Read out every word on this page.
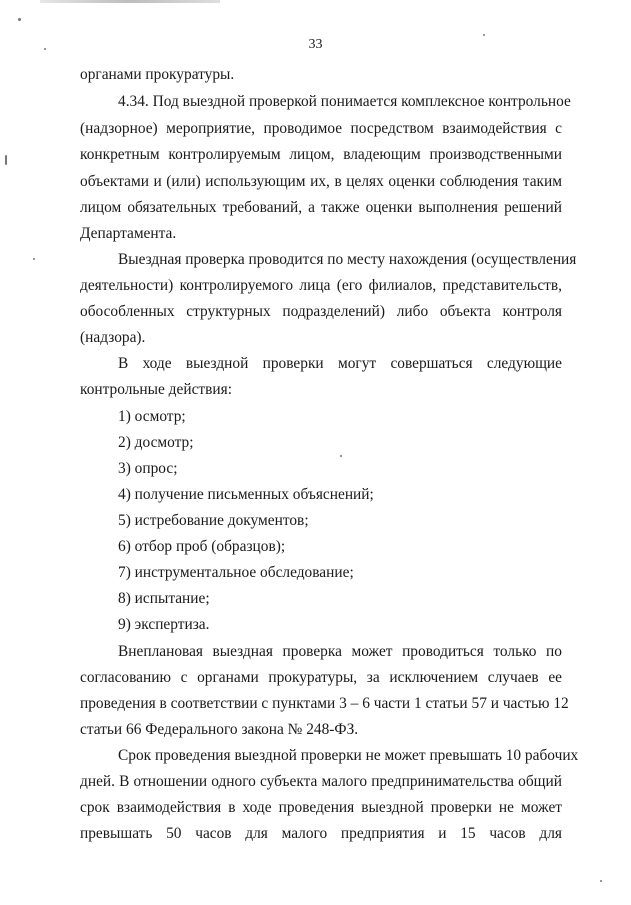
33
органами прокуратуры.
4.34. Под выездной проверкой понимается комплексное контрольное
(надзорное) мероприятие, проводимое посредством взаимодействия с
конкретным контролируемым лицом, владеющим производственными
объектами и (или) использующим их, в целях оценки соблюдения таким
лицом обязательных требований, а также оценки выполнения решений
Департамента.
Выездная проверка проводится по месту нахождения (осуществления
деятельности) контролируемого лица (его филиалов, представительств,
обособленных структурных подразделений) либо объекта контроля
(надзора).
В ходе выездной проверки могут совершаться следующие
контрольные действия:
1) осмотр;
2) досмотр;
3) опрос;
4) получение письменных объяснений;
5) истребование документов;
6) отбор проб (образцов);
7) инструментальное обследование;
8) испытание;
9) экспертиза.
Внеплановая выездная проверка может проводиться только по
согласованию с органами прокуратуры, за исключением случаев ее
проведения в соответствии с пунктами 3 – 6 части 1 статьи 57 и частью 12
статьи 66 Федерального закона № 248-ФЗ.
Срок проведения выездной проверки не может превышать 10 рабочих
дней. В отношении одного субъекта малого предпринимательства общий
срок взаимодействия в ходе проведения выездной проверки не может
превышать 50 часов для малого предприятия и 15 часов для
